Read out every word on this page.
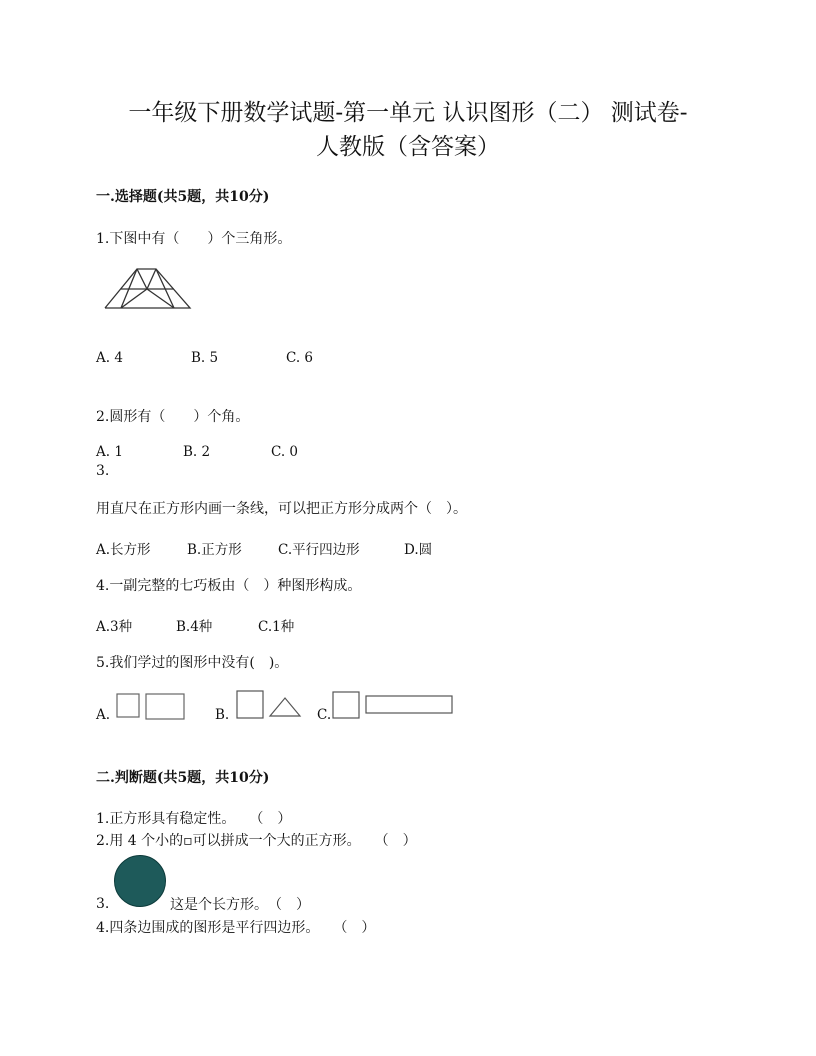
一年级下册数学试题-第一单元 认识图形（二） 测试卷-
人教版（含答案）
一.选择题(共5题，共10分)
1.下图中有（　　）个三角形。
A. 4	B. 5	C. 6
2.圆形有（　　）个角。
A. 1	B. 2	C. 0
3.
用直尺在正方形内画一条线，可以把正方形分成两个（　）。
A.长方形	B.正方形	C.平行四边形	D.圆
4.一副完整的七巧板由（　）种图形构成。
A.3种	B.4种	C.1种
5.我们学过的图形中没有(　)。
A.	B.	C.
二.判断题(共5题，共10分)
1.正方形具有稳定性。　　（　）
2.用 4 个小的▫可以拼成一个大的正方形。　　（　）
3.	这是个长方形。　（　）
4.四条边围成的图形是平行四边形。　　（　）
